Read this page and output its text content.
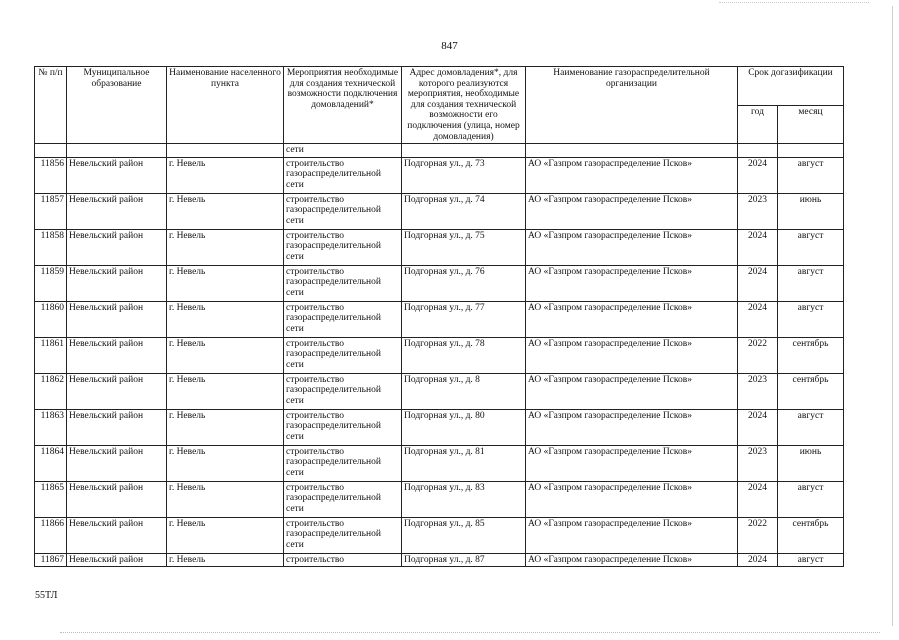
847
№ п/п	Муниципальное образование	Наименование населенного пункта	Мероприятия необходимые для создания технической возможности подключения домовладений*	Адрес домовладения*, для которого реализуются мероприятия, необходимые для создания технической возможности его подключения (улица, номер домовладения)	Наименование газораспределительной организации	Срок догазификации	
						год	месяц
			сети				
11856	Невельский район	г. Невель	строительство газораспределительной сети	Подгорная ул., д. 73	АО «Газпром газораспределение Псков»	2024	август
11857	Невельский район	г. Невель	строительство газораспределительной сети	Подгорная ул., д. 74	АО «Газпром газораспределение Псков»	2023	июнь
11858	Невельский район	г. Невель	строительство газораспределительной сети	Подгорная ул., д. 75	АО «Газпром газораспределение Псков»	2024	август
11859	Невельский район	г. Невель	строительство газораспределительной сети	Подгорная ул., д. 76	АО «Газпром газораспределение Псков»	2024	август
11860	Невельский район	г. Невель	строительство газораспределительной сети	Подгорная ул., д. 77	АО «Газпром газораспределение Псков»	2024	август
11861	Невельский район	г. Невель	строительство газораспределительной сети	Подгорная ул., д. 78	АО «Газпром газораспределение Псков»	2022	сентябрь
11862	Невельский район	г. Невель	строительство газораспределительной сети	Подгорная ул., д. 8	АО «Газпром газораспределение Псков»	2023	сентябрь
11863	Невельский район	г. Невель	строительство газораспределительной сети	Подгорная ул., д. 80	АО «Газпром газораспределение Псков»	2024	август
11864	Невельский район	г. Невель	строительство газораспределительной сети	Подгорная ул., д. 81	АО «Газпром газораспределение Псков»	2023	июнь
11865	Невельский район	г. Невель	строительство газораспределительной сети	Подгорная ул., д. 83	АО «Газпром газораспределение Псков»	2024	август
11866	Невельский район	г. Невель	строительство газораспределительной сети	Подгорная ул., д. 85	АО «Газпром газораспределение Псков»	2022	сентябрь
11867	Невельский район	г. Невель	строительство	Подгорная ул., д. 87	АО «Газпром газораспределение Псков»	2024	август
55ТЛ
